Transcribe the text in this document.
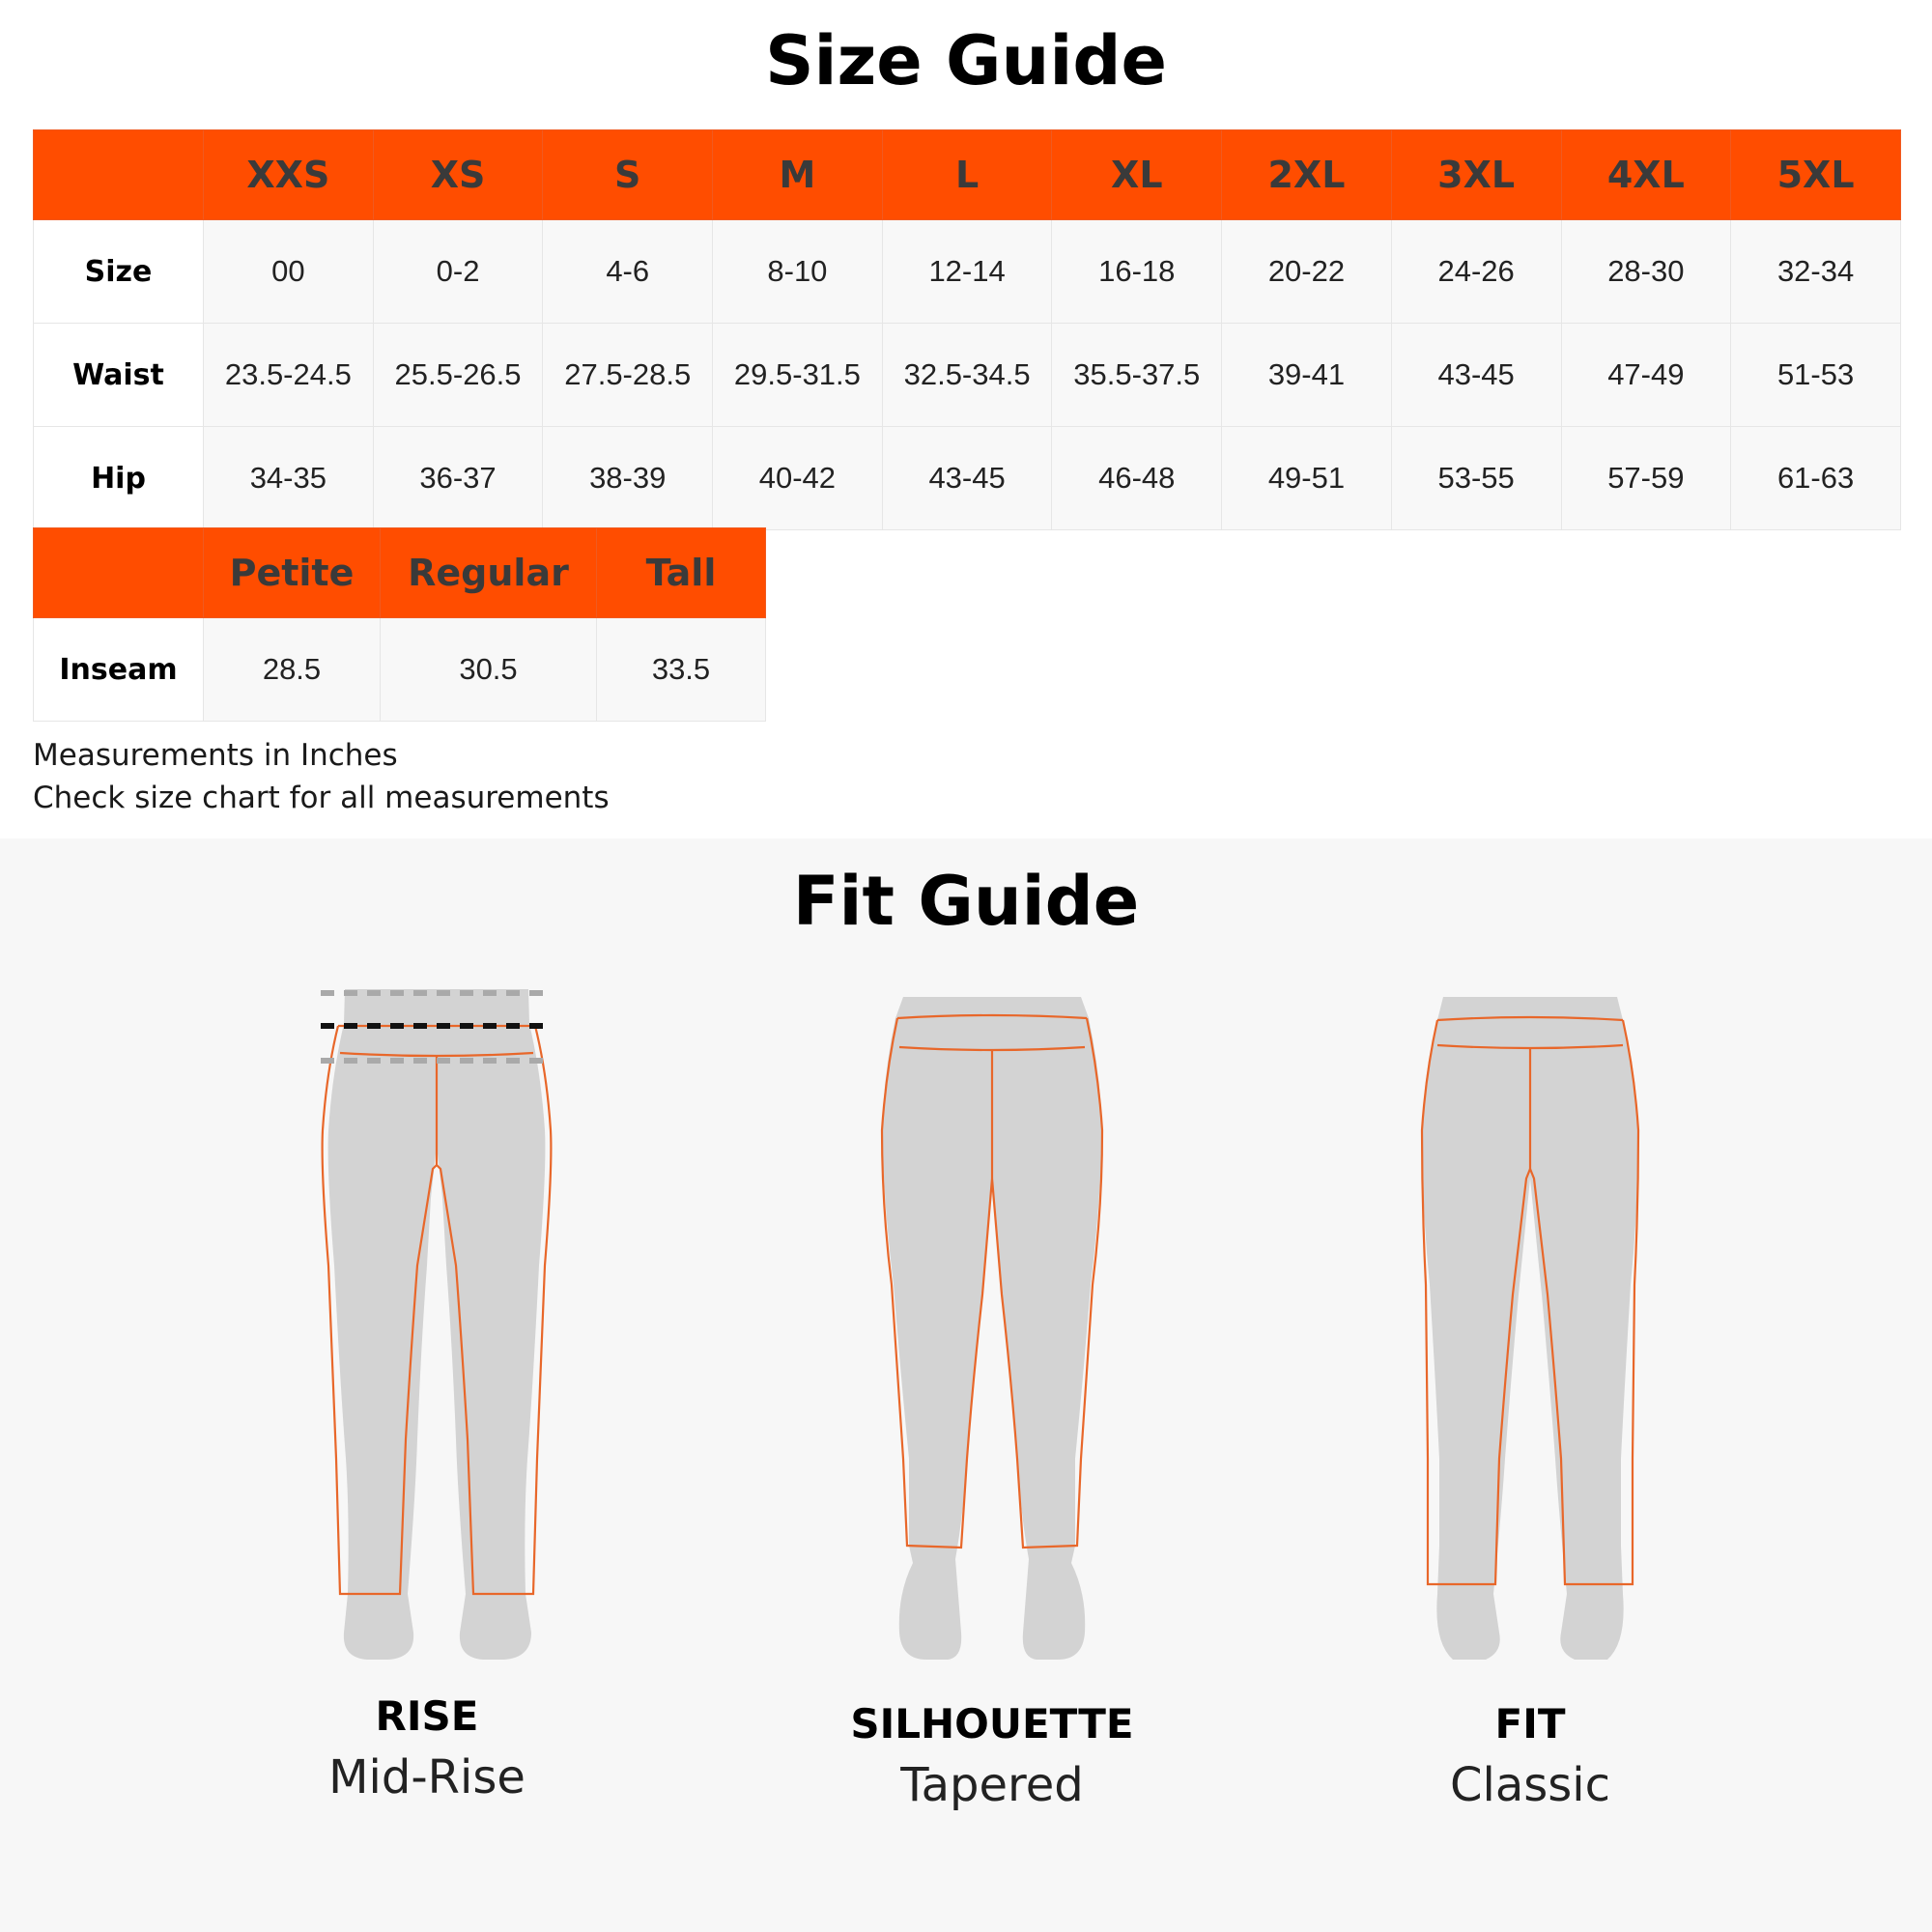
Size Guide
	XXS	XS	S	M	L	XL	2XL	3XL	4XL	5XL
Size	00	0-2	4-6	8-10	12-14	16-18	20-22	24-26	28-30	32-34
Waist	23.5-24.5	25.5-26.5	27.5-28.5	29.5-31.5	32.5-34.5	35.5-37.5	39-41	43-45	47-49	51-53
Hip	34-35	36-37	38-39	40-42	43-45	46-48	49-51	53-55	57-59	61-63
	Petite	Regular	Tall
Inseam	28.5	30.5	33.5
Measurements in Inches
Check size chart for all measurements
Fit Guide
RISE
Mid-Rise
SILHOUETTE
Tapered
FIT
Classic
